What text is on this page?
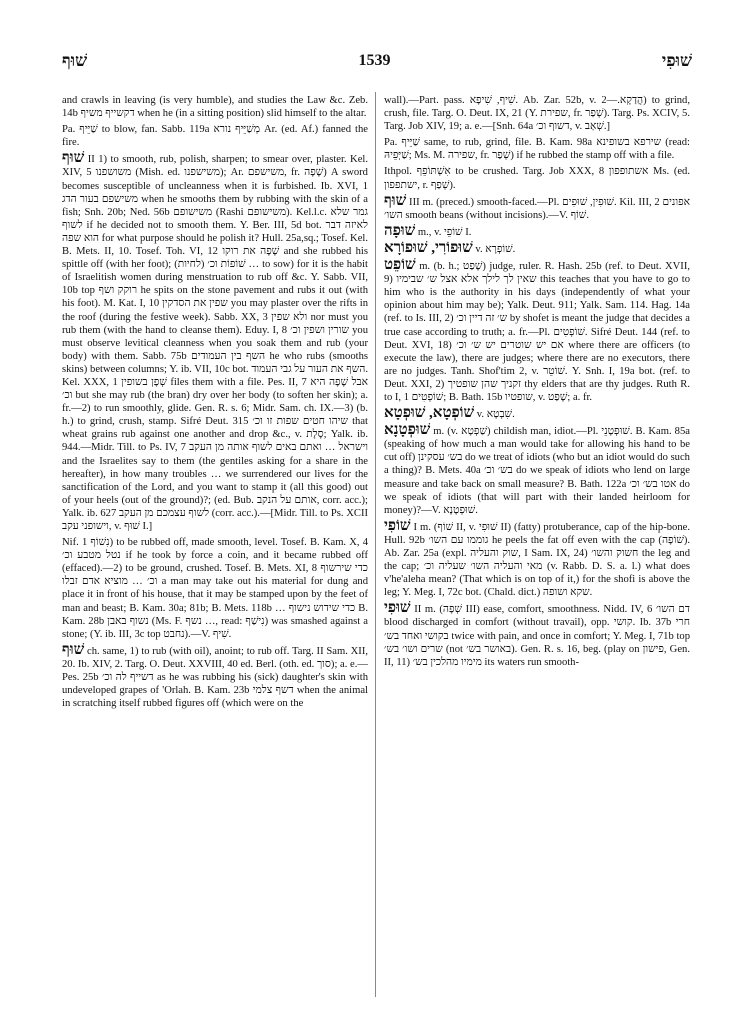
שׁוּף	1539	שׁוּפִי

and crawls in leaving (is very humble), and studies the Law &c. Zeb. 14b דקשייף משיף when he (in a sitting position) slid himself to the altar.

Pa. שַׁיֵּיף to blow, fan. Sabb. 119a מְשַׁיֵּיף נורא Ar. (ed. Af.) fanned the fire.

שׁוּף II 1) to smooth, rub, polish, sharpen; to smear over, plaster. Kel. XIV, 5 משושפנו (Mish. ed. משישפנו); Ar. משישפם, fr. שָׁפָה) A sword becomes susceptible of uncleanness when it is furbished. Ib. XVI, 1 משישפם בעור הדג when he smooths them by rubbing with the skin of a fish; Snh. 20b; Ned. 56b משישופם (Rashi משישופם). Kel.l.c. גמר שלא לשוף if he decided not to smooth them. Y. Ber. III, 5d bot. לאיזה דבר הוא שפה for what purpose should he polish it? Hull. 25a,sq.; Tosef. Kel. B. Mets. II, 10. Tosef. Toh. VI, 12 שָׁפָה את רוקו and she rubbed his spittle off (with her foot); שׁוֹפוֹת וכ׳ (לחיות) … to sow) for it is the habit of Israelitish women during menstruation to rub off &c. Y. Sabb. VII, 10b top רוקק ושף he spits on the stone pavement and rubs it out (with his foot). M. Kat. I, 10 שפין את הסדקין you may plaster over the rifts in the roof (during the festive week). Sabb. XX, 3 ולא שפין nor must you rub them (with the hand to cleanse them). Eduy. I, 8 שורין ושפין וכ׳ you must observe levitical cleanness when you soak them and rub (your body) with them. Sabb. 75b השף בין העמודים he who rubs (smooths skins) between columns; Y. ib. VII, 10c bot. השף את העור על גבי העמוד. Kel. XXX, 1 שְׁפָן בשופין files them with a file. Pes. II, 7 אבל שָׁפָה היא וכ׳ but she may rub (the bran) dry over her body (to soften her skin); a. fr.—2) to run smoothly, glide. Gen. R. s. 6; Midr. Sam. ch. IX.—3) (b. h.) to grind, crush, stamp. Sifré Deut. 315 שיהו חטים שפות זו וכ׳ that wheat grains rub against one another and drop &c., v. סָלָת; Yalk. ib. 944.—Midr. Till. to Ps. IV, 7 וישראל … ואתם באים לשוף אותה מן העקב and the Israelites say to them (the gentiles asking for a share in the hereafter), in how many troubles … we surrendered our lives for the sanctification of the Lord, and you want to stamp it (all this good) out of your heels (out of the ground)?; (ed. Bub. אותם על הנקב, corr. acc.); Yalk. ib. 627 לשוף עצמכם מן העקב (corr. acc.).—[Midr. Till. to Ps. XCII וישופני עקב, v. שׁוּף I.]

Nif. נִשׁוֹף 1) to be rubbed off, made smooth, level. Tosef. B. Kam. X, 4 נטל מטבע וכ׳ if he took by force a coin, and it became rubbed off (effaced).—2) to be ground, crushed. Tosef. B. Mets. XI, 8 כדי שירשוף וכ׳ … מוציא אדם זבלו a man may take out his material for dung and place it in front of his house, that it may be stamped upon by the feet of man and beast; B. Kam. 30a; 81b; B. Mets. 118b … כדי שידוש נישוף B. Kam. 28b נשוף באבן (Ms. F. נשף …, read: נִישַׁף) was smashed against a stone; (Y. ib. III, 3c top נחבט).—V. שִׁיף.

שׁוּף ch. same, 1) to rub (with oil), anoint; to rub off. Targ. II Sam. XII, 20. Ib. XIV, 2. Targ. O. Deut. XXVIII, 40 ed. Berl. (oth. ed. סוך); a. e.—Pes. 25b דשייף לה וכ׳ as he was rubbing his (sick) daughter's skin with undeveloped grapes of 'Orlah. B. Kam. 23b דשף צלמי when the animal in scratching itself rubbed figures off (which were on the

wall).—Part. pass. שִׁיף, שִׁיפָא. Ab. Zar. 52b, v. הֲדַקָא.—2) to grind, crush, file. Targ. O. Deut. IX, 21 (Y. שפירת, fr. שְׁפַר). Targ. Ps. XCIV, 5. Targ. Job XIV, 19; a. e.—[Snh. 64a דשוף וכ׳, v. שְׁאַב.]

Pa. שַׁיֵּיף same, to rub, grind, file. B. Kam. 98a שירפא בשופינא (read: שַׁיְּפֵיהּ; Ms. M. שפירה, fr. שְׁפַר) if he rubbed the stamp off with a file.

Ithpol. אִשְׁתּוֹפֵף to be crushed. Targ. Job XXX, 8 אשתופפון Ms. (ed. ישתפפון, r. שְׁפַף).

שׁוּף III m. (preced.) smooth-faced.—Pl. שׁוּפִין, שׁוּפִים. Kil. III, 2 אפונים השו׳ smooth beans (without incisions).—V. שׁוֹף.

שׁוּפָה m., v. שׁוֹפֵי I.

שׁוּפוֹרִי, שׁוּפוֹרָא v. שׁוֹפְרָא.

שׁוֹפֵט m. (b. h.; שָׁפַט) judge, ruler. R. Hash. 25b (ref. to Deut. XVII, 9) שאין לך לילך אלא אצל ש׳ שבימיו this teaches that you have to go to him who is the authority in his days (independently of what your opinion about him may be); Yalk. Deut. 911; Yalk. Sam. 114. Hag. 14a (ref. to Is. III, 2) ש׳ זה דיין וכ׳ by shofet is meant the judge that decides a true case according to truth; a. fr.—Pl. שׁוֹפְטִים. Sifré Deut. 144 (ref. to Deut. XVI, 18) אם יש שוטרים יש ש׳ וכ׳ where there are officers (to execute the law), there are judges; where there are no executors, there are no judges. Tanh. Shof'tim 2, v. שׁוֹטֵר. Y. Snh. I, 19a bot. (ref. to Deut. XXI, 2) זקניך שהן שופטיך thy elders that are thy judges. Ruth R. to I, 1 שׁוֹפְטִים; B. Bath. 15b שופטיו, v. שָׁפַט; a. fr.

שׁוֹפְטָא, שׁוּפְטָא v. שִׁבְטָא.

שׁוּפְטָנָא m. (v. שַׁפְטָא) childish man, idiot.—Pl. שׁוּפְטָנֵי. B. Kam. 85a (speaking of how much a man would take for allowing his hand to be cut off) בש׳ עסקינן do we treat of idiots (who but an idiot would do such a thing)? B. Mets. 40a בש׳ וכ׳ do we speak of idiots who lend on large measure and take back on small measure? B. Bath. 122a אטו בש׳ וכ׳ do we speak of idiots (that will part with their landed heirloom for money)?—V. שׁוּפְטָנָא.

שׁוֹפִי I m. (שׁוֹף II, v. שׁוּפִי II) (fatty) protuberance, cap of the hip-bone. Hull. 92b גוממו עם השו׳ he peels the fat off even with the cap (שׁוֹפָה). Ab. Zar. 25a (expl. שוק והעליה, I Sam. IX, 24) חשוק והשו׳ the leg and the cap; מאי והעליה השו׳ שעליה וכ׳ (v. Rabb. D. S. a. l.) what does v'he'aleha mean? (That which is on top of it,) for the shofi is above the leg; Y. Meg. I, 72c bot. (Chald. dict.) שקא ושופה.

שׁוּפִי II m. (שְׁפָה III) ease, comfort, smoothness. Nidd. IV, 6 דם השו׳ blood discharged in comfort (without travail), opp. קושי. Ib. 37b חרי בקושי ואחד בש׳ twice with pain, and once in comfort; Y. Meg. I, 71b top שרים ושו׳ בש׳ (not באושר בש׳). Gen. R. s. 16, beg. (play on פישון, Gen. II, 11) מימיו מהלכין בש׳ its waters run smooth-
